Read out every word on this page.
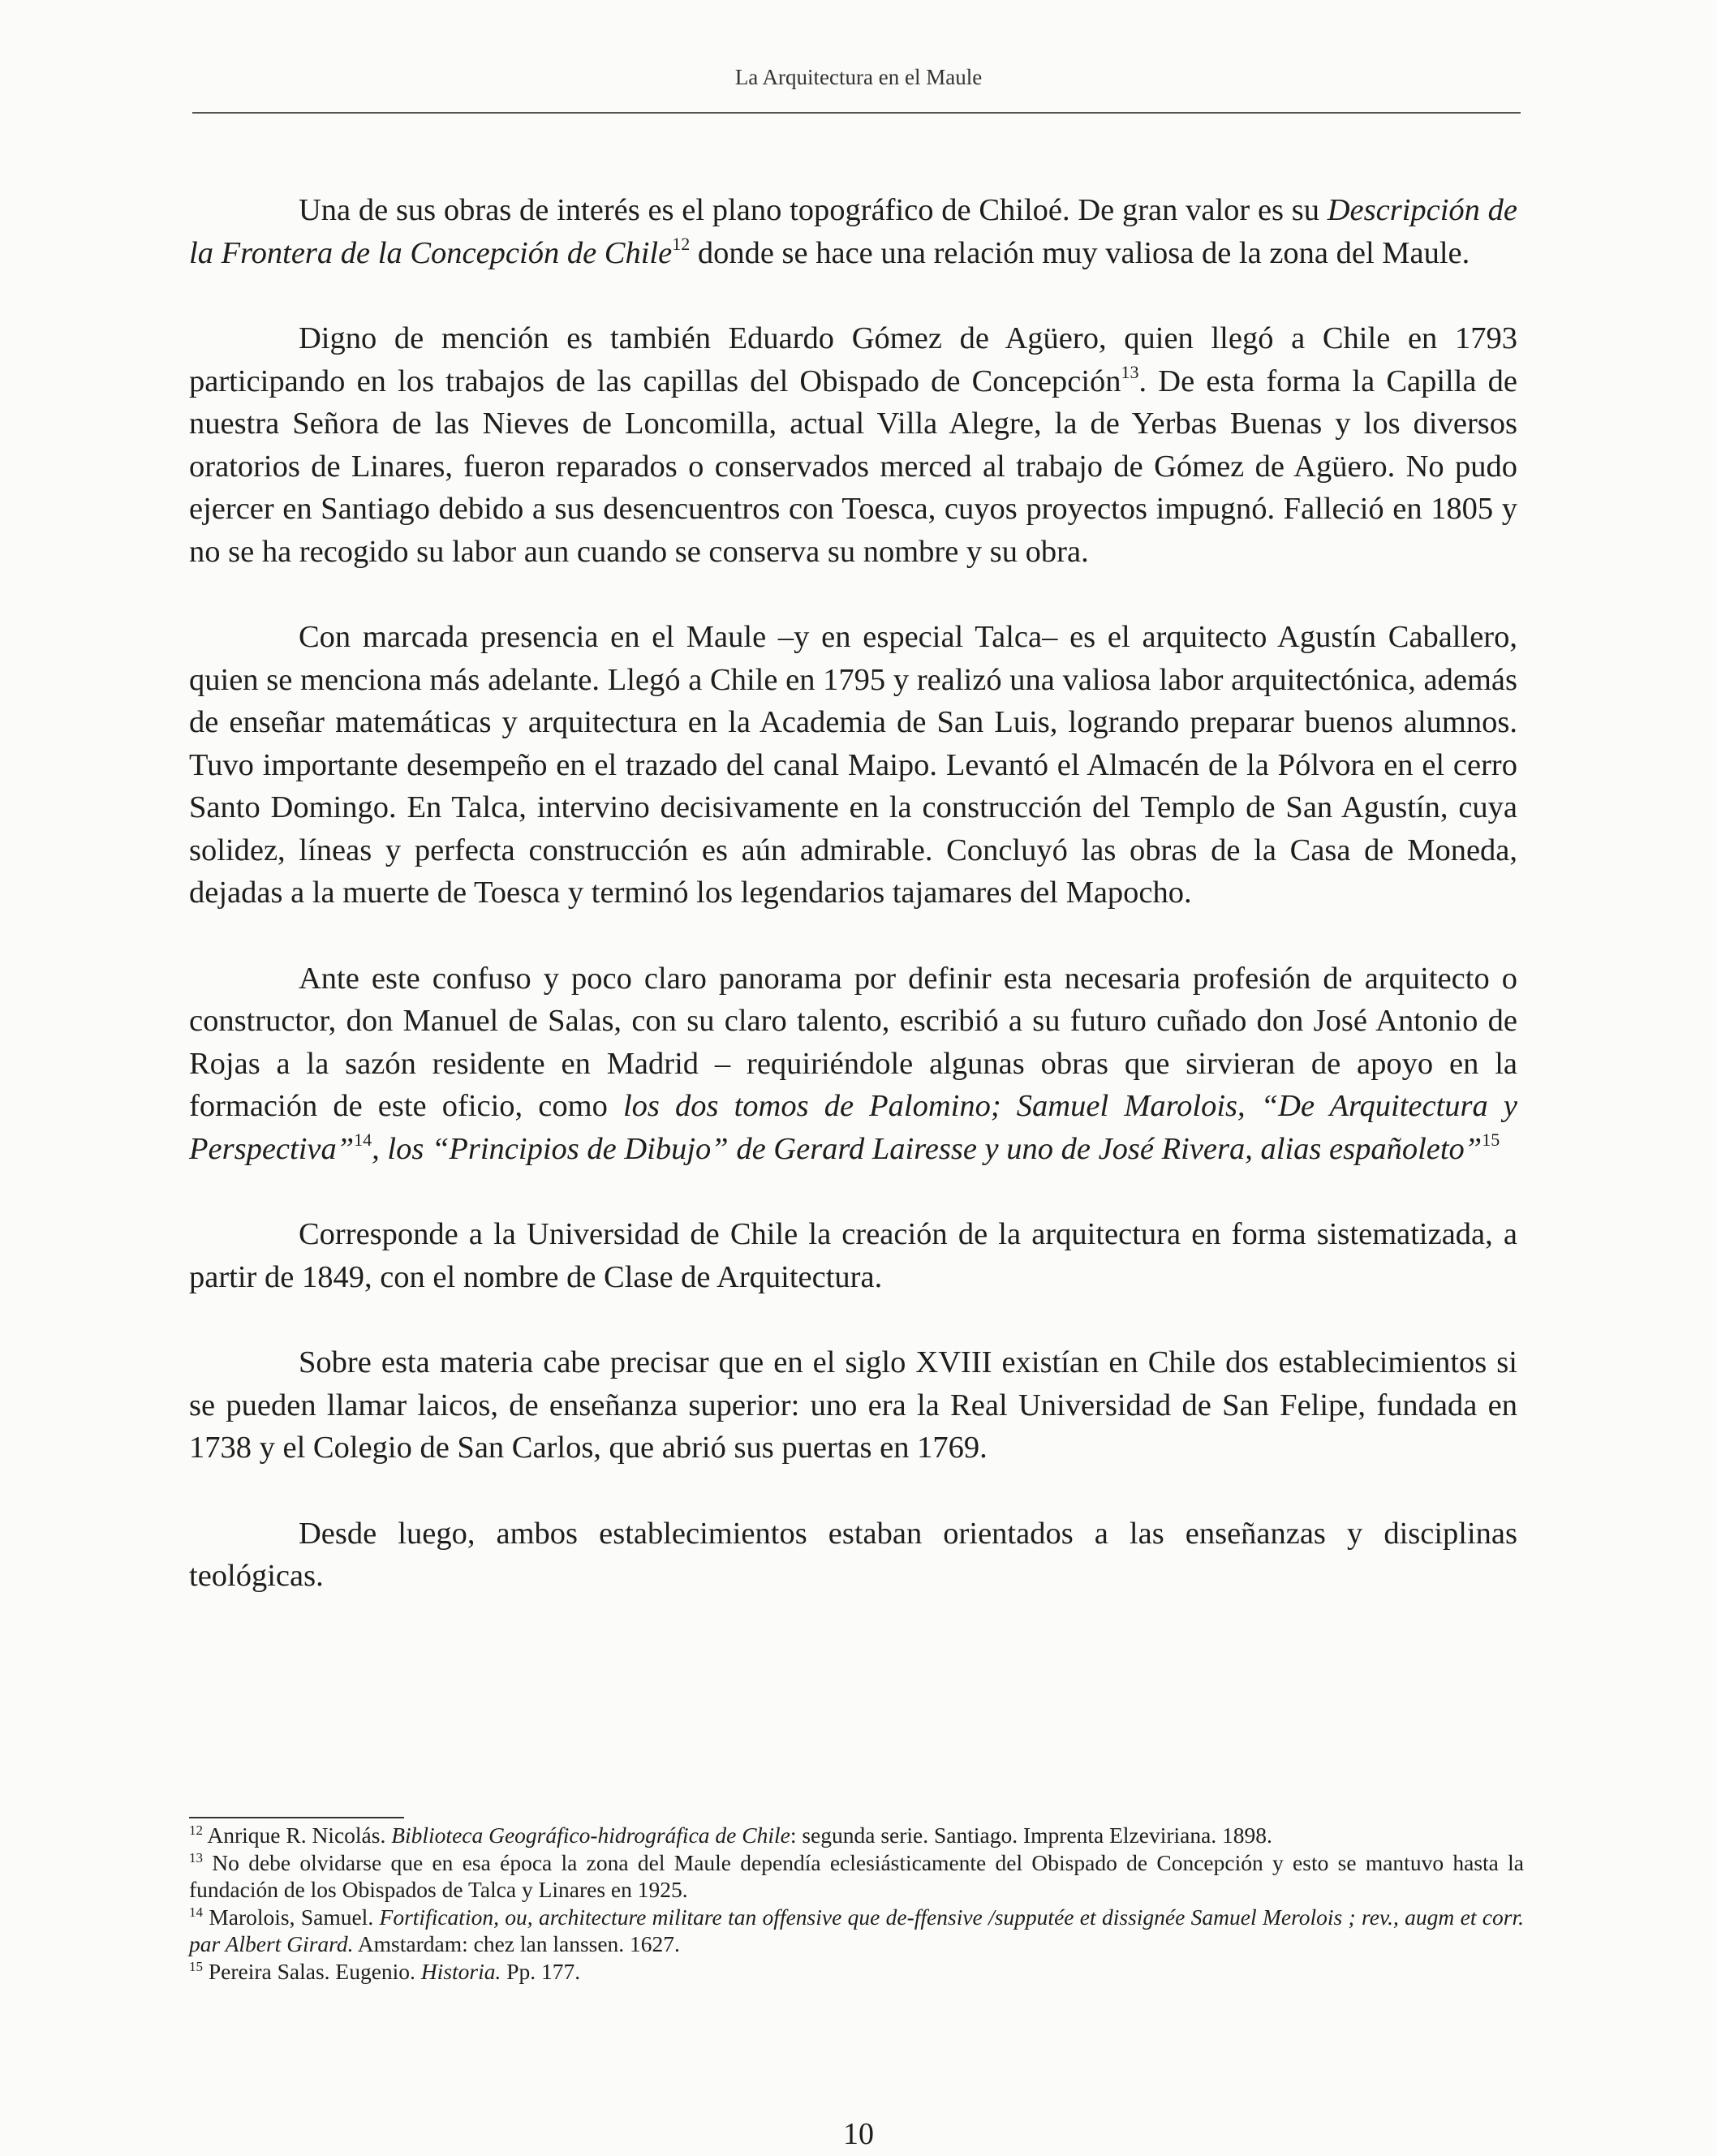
La Arquitectura en el Maule

Una de sus obras de interés es el plano topográfico de Chiloé. De gran valor es su Descripción de la Frontera de la Concepción de Chile$^{12}$ donde se hace una relación muy valiosa de la zona del Maule.

Digno de mención es también Eduardo Gómez de Agüero, quien llegó a Chile en 1793 participando en los trabajos de las capillas del Obispado de Concepción$^{13}$. De esta forma la Capilla de nuestra Señora de las Nieves de Loncomilla, actual Villa Alegre, la de Yerbas Buenas y los diversos oratorios de Linares, fueron reparados o conservados merced al trabajo de Gómez de Agüero. No pudo ejercer en Santiago debido a sus desencuentros con Toesca, cuyos proyectos impugnó. Falleció en 1805 y no se ha recogido su labor aun cuando se conserva su nombre y su obra.

Con marcada presencia en el Maule –y en especial Talca– es el arquitecto Agustín Caballero, quien se menciona más adelante. Llegó a Chile en 1795 y realizó una valiosa labor arquitectónica, además de enseñar matemáticas y arquitectura en la Academia de San Luis, logrando preparar buenos alumnos. Tuvo importante desempeño en el trazado del canal Maipo. Levantó el Almacén de la Pólvora en el cerro Santo Domingo. En Talca, intervino decisivamente en la construcción del Templo de San Agustín, cuya solidez, líneas y perfecta construcción es aún admirable. Concluyó las obras de la Casa de Moneda, dejadas a la muerte de Toesca y terminó los legendarios tajamares del Mapocho.

Ante este confuso y poco claro panorama por definir esta necesaria profesión de arquitecto o constructor, don Manuel de Salas, con su claro talento, escribió a su futuro cuñado don José Antonio de Rojas a la sazón residente en Madrid – requiriéndole algunas obras que sirvieran de apoyo en la formación de este oficio, como los dos tomos de Palomino; Samuel Marolois, “De Arquitectura y Perspectiva”$^{14}$, los “Principios de Dibujo” de Gerard Lairesse y uno de José Rivera, alias españoleto”$^{15}$

Corresponde a la Universidad de Chile la creación de la arquitectura en forma sistematizada, a partir de 1849, con el nombre de Clase de Arquitectura.

Sobre esta materia cabe precisar que en el siglo XVIII existían en Chile dos establecimientos si se pueden llamar laicos, de enseñanza superior: uno era la Real Universidad de San Felipe, fundada en 1738 y el Colegio de San Carlos, que abrió sus puertas en 1769.

Desde luego, ambos establecimientos estaban orientados a las enseñanzas y disciplinas teológicas.

$^{12}$ Anrique R. Nicolás. Biblioteca Geográfico-hidrográfica de Chile: segunda serie. Santiago. Imprenta Elzeviriana. 1898.

$^{13}$ No debe olvidarse que en esa época la zona del Maule dependía eclesiásticamente del Obispado de Concepción y esto se mantuvo hasta la fundación de los Obispados de Talca y Linares en 1925.

$^{14}$ Marolois, Samuel. Fortification, ou, architecture militare tan offensive que de-ffensive /supputée et dissignée Samuel Merolois ; rev., augm et corr. par Albert Girard. Amstardam: chez lan lanssen. 1627.

$^{15}$ Pereira Salas. Eugenio. Historia. Pp. 177.

10
